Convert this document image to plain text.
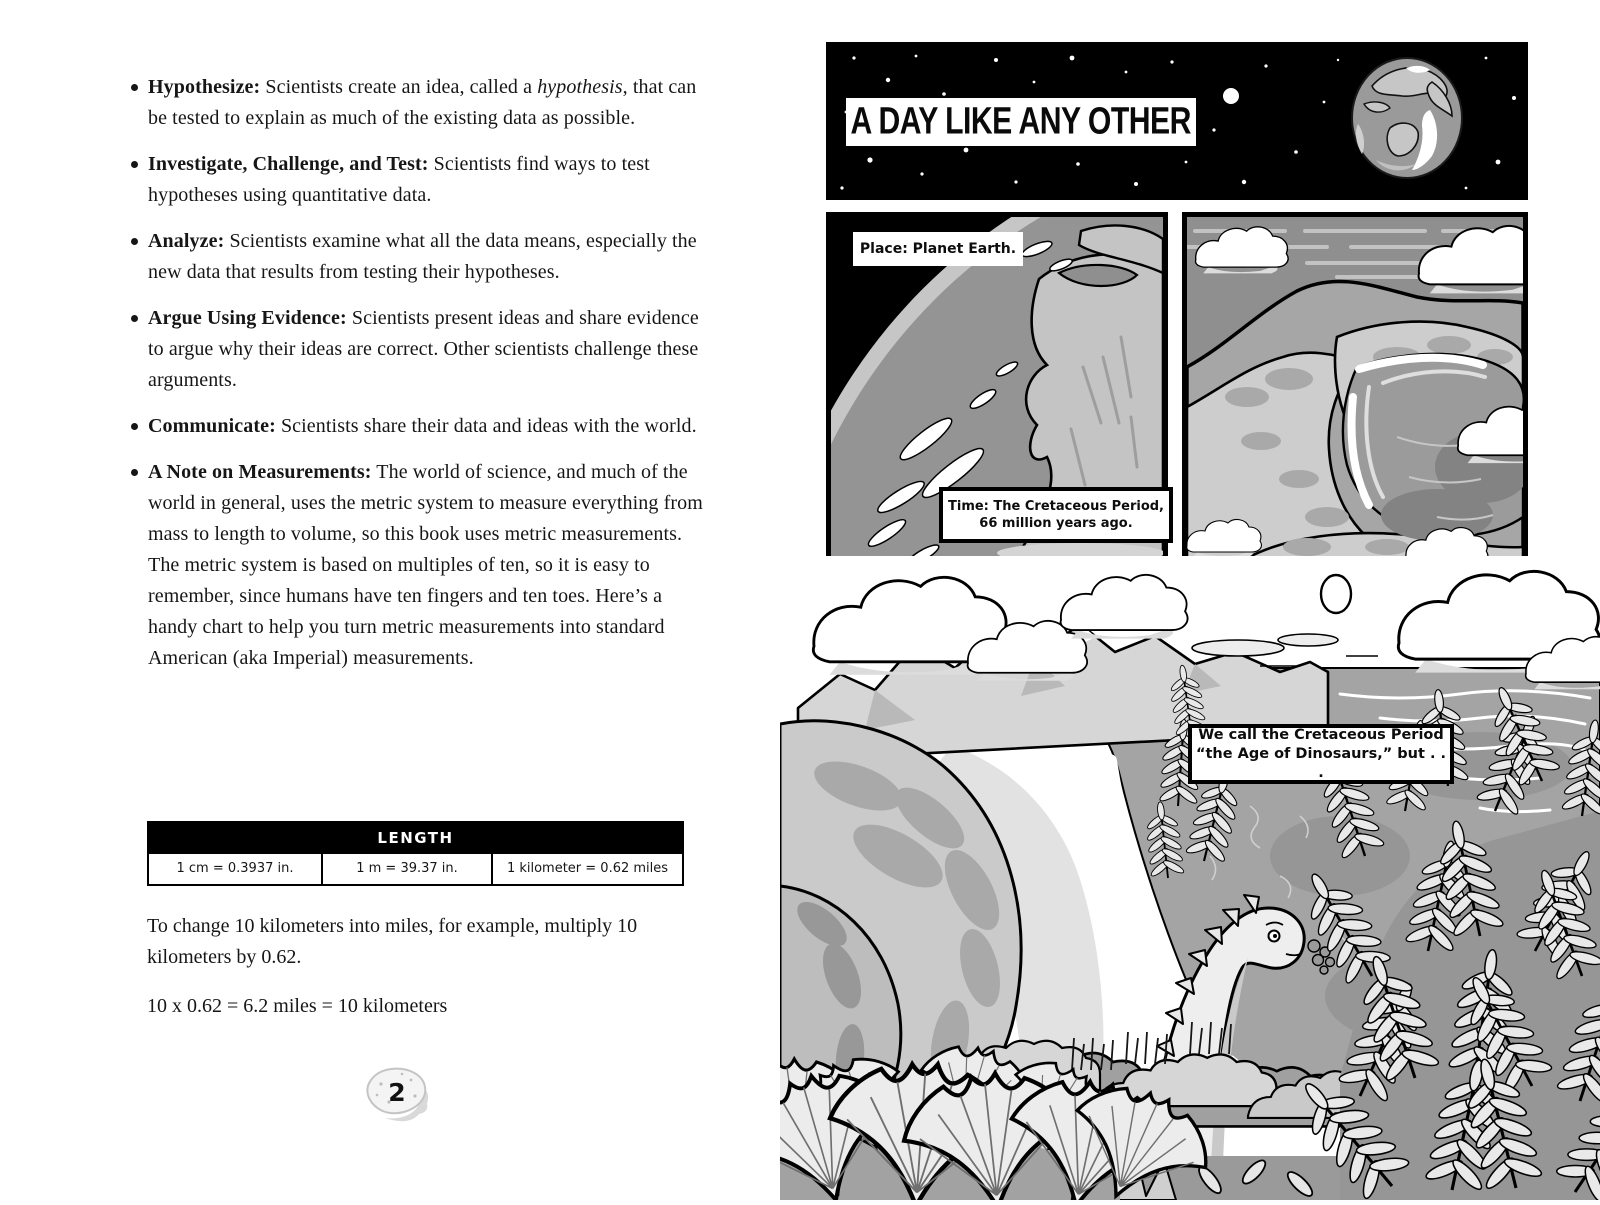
Hypothesize: Scientists create an idea, called a hypothesis, that can be tested to explain as much of the existing data as possible.
Investigate, Challenge, and Test: Scientists find ways to test hypotheses using quantitative data.
Analyze: Scientists examine what all the data means, especially the new data that results from testing their hypotheses.
Argue Using Evidence: Scientists present ideas and share evidence to argue why their ideas are correct. Other scientists challenge these arguments.
Communicate: Scientists share their data and ideas with the world.
A Note on Measurements: The world of science, and much of the world in general, uses the metric system to measure everything from mass to length to volume, so this book uses metric measurements. The metric system is based on multiples of ten, so it is easy to remember, since humans have ten fingers and ten toes. Here’s a handy chart to help you turn metric measurements into standard American (aka Imperial) measurements.
LENGTH
1 cm = 0.3937 in.	1 m = 39.37 in.	1 kilometer = 0.62 miles
To change 10 kilometers into miles, for example, multiply 10 kilometers by 0.62.
10 x 0.62 = 6.2 miles = 10 kilometers
2
A DAY LIKE ANY OTHER
Place: Planet Earth.
Time: The Cretaceous Period,
66 million years ago.
We call the Cretaceous Period
“the Age of Dinosaurs,” but . . .
